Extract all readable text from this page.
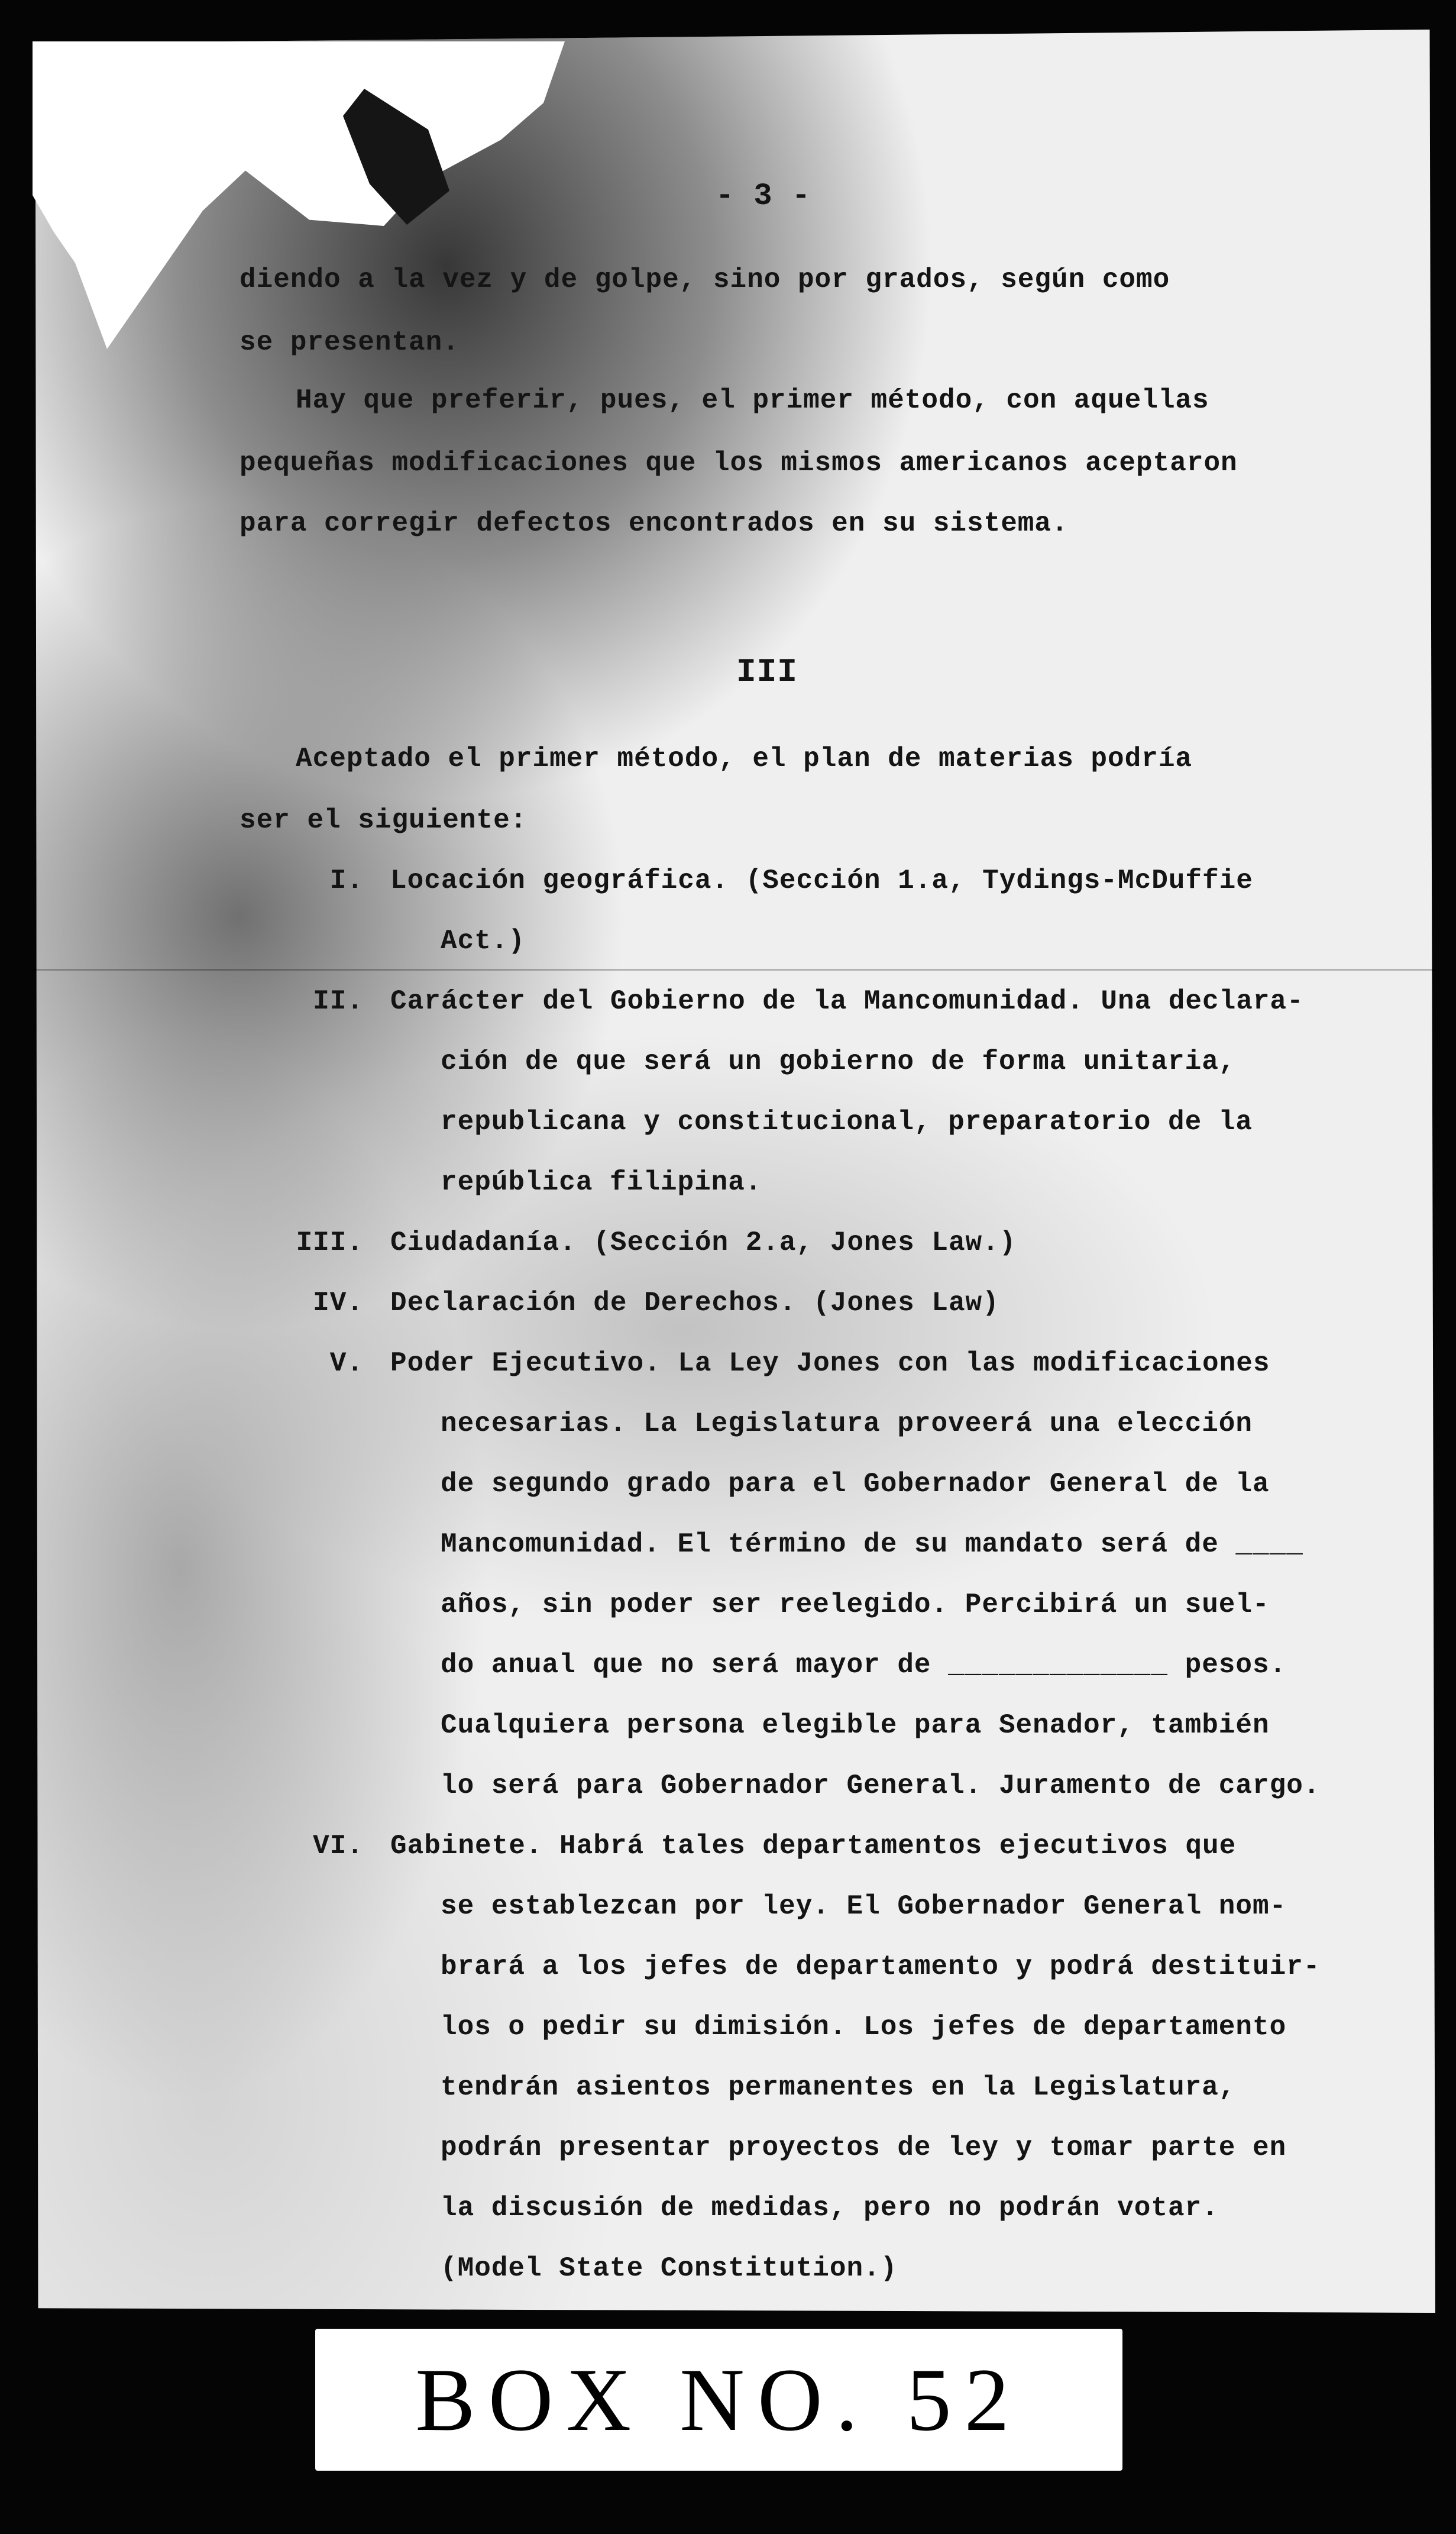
- 3 -
diendo a la vez y de golpe, sino por grados, según como
se presentan.
Hay que preferir, pues, el primer método, con aquellas
pequeñas modificaciones que los mismos americanos aceptaron
para corregir defectos encontrados en su sistema.
III
Aceptado el primer método, el plan de materias podría
ser el siguiente:
I. Locación geográfica. (Sección 1.a, Tydings-McDuffie
Act.)
II. Carácter del Gobierno de la Mancomunidad. Una declara-
ción de que será un gobierno de forma unitaria,
republicana y constitucional, preparatorio de la
república filipina.
III. Ciudadanía. (Sección 2.a, Jones Law.)
IV. Declaración de Derechos. (Jones Law)
V. Poder Ejecutivo. La Ley Jones con las modificaciones
necesarias. La Legislatura proveerá una elección
de segundo grado para el Gobernador General de la
Mancomunidad. El término de su mandato será de ____
años, sin poder ser reelegido. Percibirá un suel-
do anual que no será mayor de _____________ pesos.
Cualquiera persona elegible para Senador, también
lo será para Gobernador General. Juramento de cargo.
VI. Gabinete. Habrá tales departamentos ejecutivos que
se establezcan por ley. El Gobernador General nom-
brará a los jefes de departamento y podrá destituir-
los o pedir su dimisión. Los jefes de departamento
tendrán asientos permanentes en la Legislatura,
podrán presentar proyectos de ley y tomar parte en
la discusión de medidas, pero no podrán votar.
(Model State Constitution.)
BOX NO. 52
